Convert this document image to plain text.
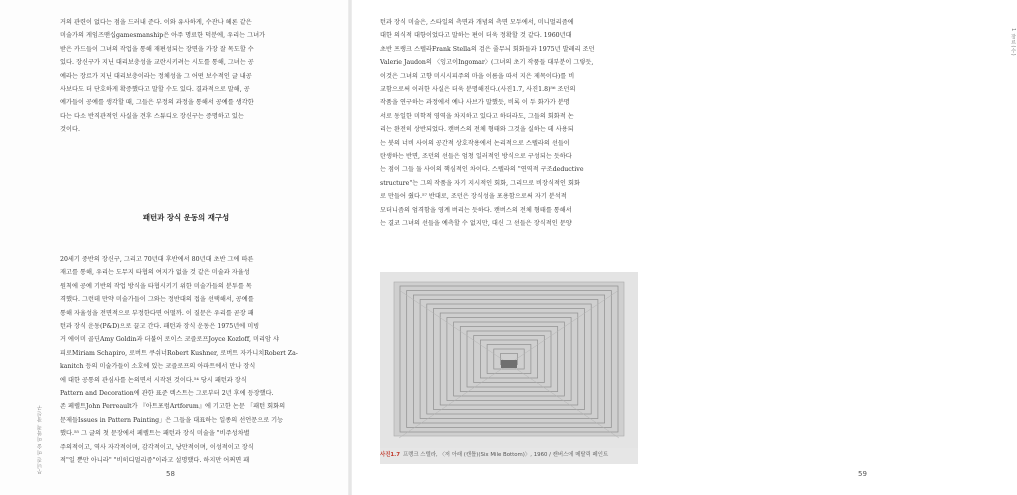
거의 관련이 없다는 점을 드러내 준다. 이와 유사하게, 수잔나 헤론 같은

미술가의 게임즈맨십gamesmanship은 아주 명료한 덕분에, 우리는 그녀가

받은 카드들이 그녀의 작업을 통해 재편성되는 장면을 가장 잘 목도할 수

있다. 장신구가 지닌 대리보충성을 교란시키려는 시도를 통해, 그녀는 공

예라는 장르가 지닌 대리보충이라는 정체성을 그 어떤 보수적인 글 내공

사보다도 더 단호하게 확증했다고 말할 수도 있다. 결과적으로 말해, 공

예가들이 공예를 생각할 때, 그들은 부정의 과정을 통해서 공예를 생각한

다는 다소 반직관적인 사실을 견후 스튜디오 장신구는 증명하고 있는

것이다.

패턴과 장식 운동의 재구성

20세기 중반의 장신구, 그리고 70년대 후반에서 80년대 초반 그에 따른

재고를 통해, 우리는 도무지 타협의 여지가 없을 것 같은 미술과 자율성

원칙에 공예 기반의 작업 방식을 타협시키기 위한 미술가들의 분투를 목

격했다. 그런데 만약 미술가들이 그와는 정반대의 접을 선택해서, 공예를

통해 자율성을 전면적으로 부정한다면 어떨까. 이 질문은 우리를 곧장 패

턴과 장식 운동(P&D)으로 끌고 간다. 패턴과 장식 운동은 1975년에 미빙

거 에이미 골딘Amy Goldin과 더불어 로이스 코즐로프Joyce Kozloff, 미리암 샤

피로Miriam Schapiro, 로버트 쿠쉬너Robert Kushner, 로버트 자카니치Robert Za-

kanitch 등의 미술가들이 소호에 있는 코즐로프의 아파트에서 만나 장식

에 대한 공통의 관심사를 논의면서 시작된 것이다.⁵⁴ 당시 패턴과 장식

Pattern and Decoration에 관한 표준 텍스트는 그로부터 2년 후에 등장했다.

존 페렐트John Perreault가 『아트포럼Artforum』에 기고한 논문 「패턴 회화의

문제들Issues in Pattern Painting」은 그들을 대표하는 일종의 선언문으로 기능

했다.⁵⁵ 그 글의 첫 문장에서 페렐트는 패턴과 장식 미술을 "비주성차별

주의적이고, 역사 자각적이며, 감각적이고, 낭만적이며, 이성적이고 장식

적"일 뿐만 아니라" "비히디멀리즘"이라고 설명했다. 하지만 어쩌면 패

무너진 미술 미학적 장신구	58
1 장르(수)
59

턴과 장식 미술은, 스타일의 측면과 개념의 측면 모두에서, 미니멀리즘에

대한 의식적 대항이었다고 말하는 편이 더욱 정확할 것 같다. 1960년대

초반 프랭크 스텔라Frank Stella의 검은 줄무늬 회화들과 1975년 발레리 조던

Valerie Jaudon의 〈잉고이Ingomar〉(그녀의 초기 작품들 대부분이 그렇듯,

이것은 그녀의 고향 미시시피주의 마을 이름을 따서 지은 제목이다)를 비

교함으로써 이러한 사실은 더욱 분명해진다.(사진1.7, 사진1.8)⁵⁶ 조던의

작품을 연구하는 과정에서 예나 사브가 말했듯, 비록 이 두 화가가 분명

서로 동일한 미학적 영역을 차지하고 있다고 하더라도, 그들의 회화적 논

리는 완전히 상반되었다. 캔버스의 전체 형태와 그것을 실하는 데 사용되

는 붓의 너비 사이의 공간적 상호작용에서 논리적으로 스텔라의 선들이

탄생하는 반면, 조던의 선들은 엄청 일러적인 방식으로 구성되는 듯하다

는 점이 그들 둘 사이의 핵심적인 차이다. 스텔라의 "연역적 구조deductive

structure"는 그의 작품을 자기 지시적인 회화, 그리므로 비장식적인 회화

로 만들어 줬다.⁵⁷ 반대로, 조던은 장식성을 포용함으로써 자기 분석적

모더니즘의 엄격함을 영계 버리는 듯하다. 캔버스의 전체 형태를 통해서

는 결코 그녀의 선들을 예측할 수 없지만, 대신 그 선들은 장식적인 문양

사진1.7 프랭크 스텔라, 〈저 아래 (캔틀)(Six Mile Bottom)〉, 1960 / 캔버스에 메탈릭 페인트
